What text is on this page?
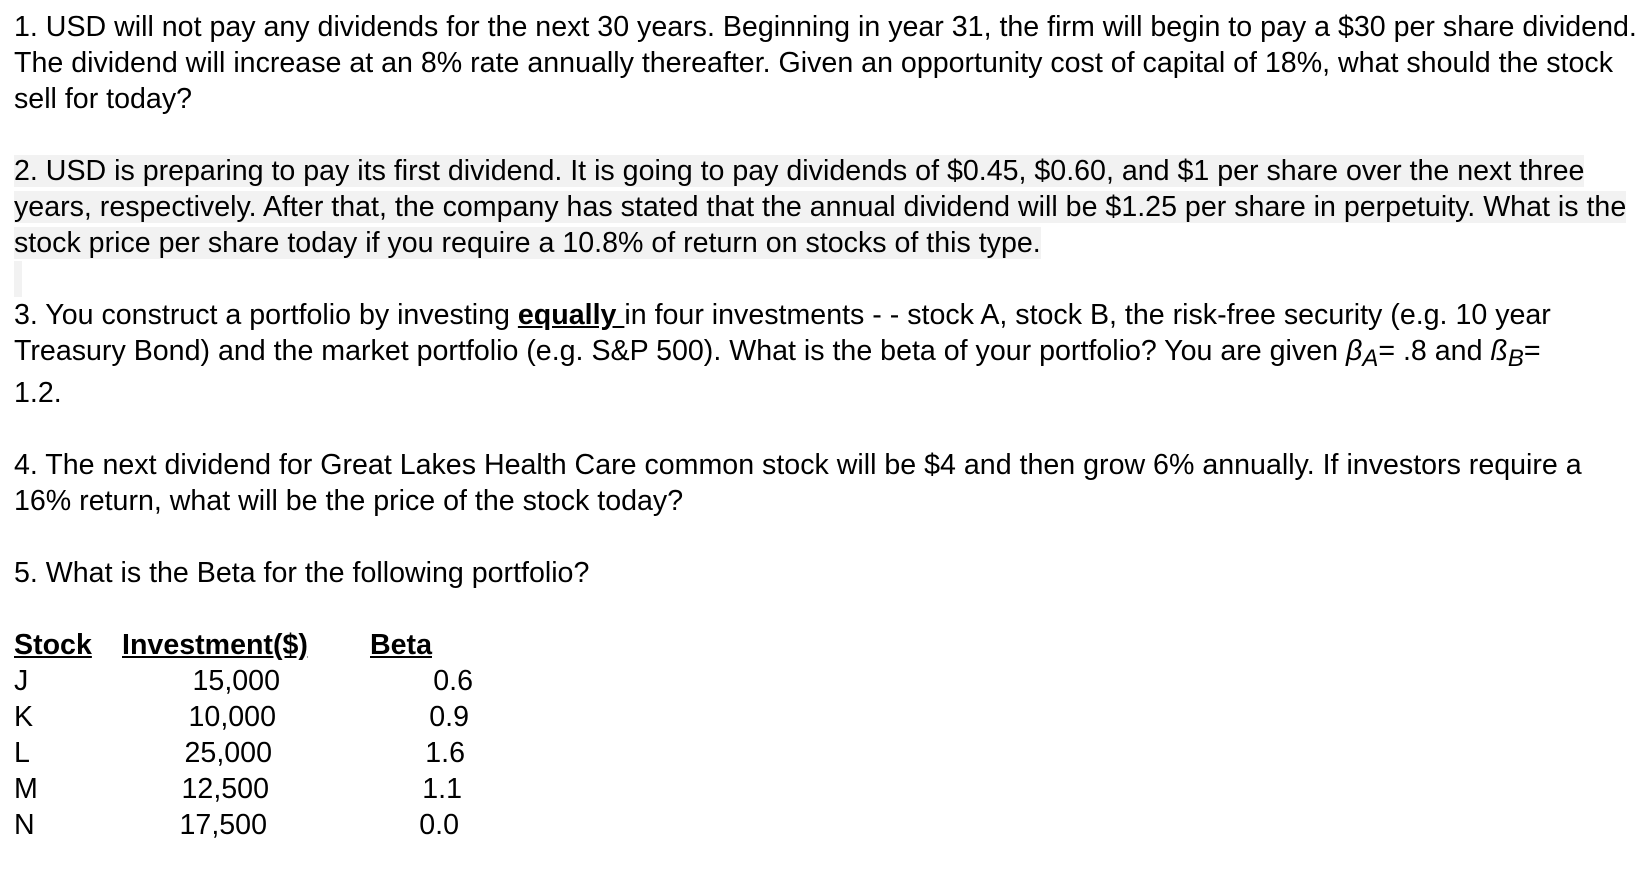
1. USD will not pay any dividends for the next 30 years. Beginning in year 31, the firm will begin to pay a $30 per share dividend. The dividend will increase at an 8% rate annually thereafter. Given an opportunity cost of capital of 18%, what should the stock sell for today?

2. USD is preparing to pay its first dividend. It is going to pay dividends of $0.45, $0.60, and $1 per share over the next three years, respectively. After that, the company has stated that the annual dividend will be $1.25 per share in perpetuity. What is the stock price per share today if you require a 10.8% of return on stocks of this type.

3. You construct a portfolio by investing equally in four investments - - stock A, stock B, the risk-free security (e.g. 10 year Treasury Bond) and the market portfolio (e.g. S&P 500). What is the beta of your portfolio? You are given $\beta_A= .8$ and $ß_B=$
1.2.

4. The next dividend for Great Lakes Health Care common stock will be $4 and then grow 6% annually. If investors require a 16% return, what will be the price of the stock today?

5. What is the Beta for the following portfolio?

Stock	Investment($)	Beta
J	15,000	0.6
K	10,000	0.9
L	25,000	1.6
M	12,500	1.1
N	17,500	0.0
